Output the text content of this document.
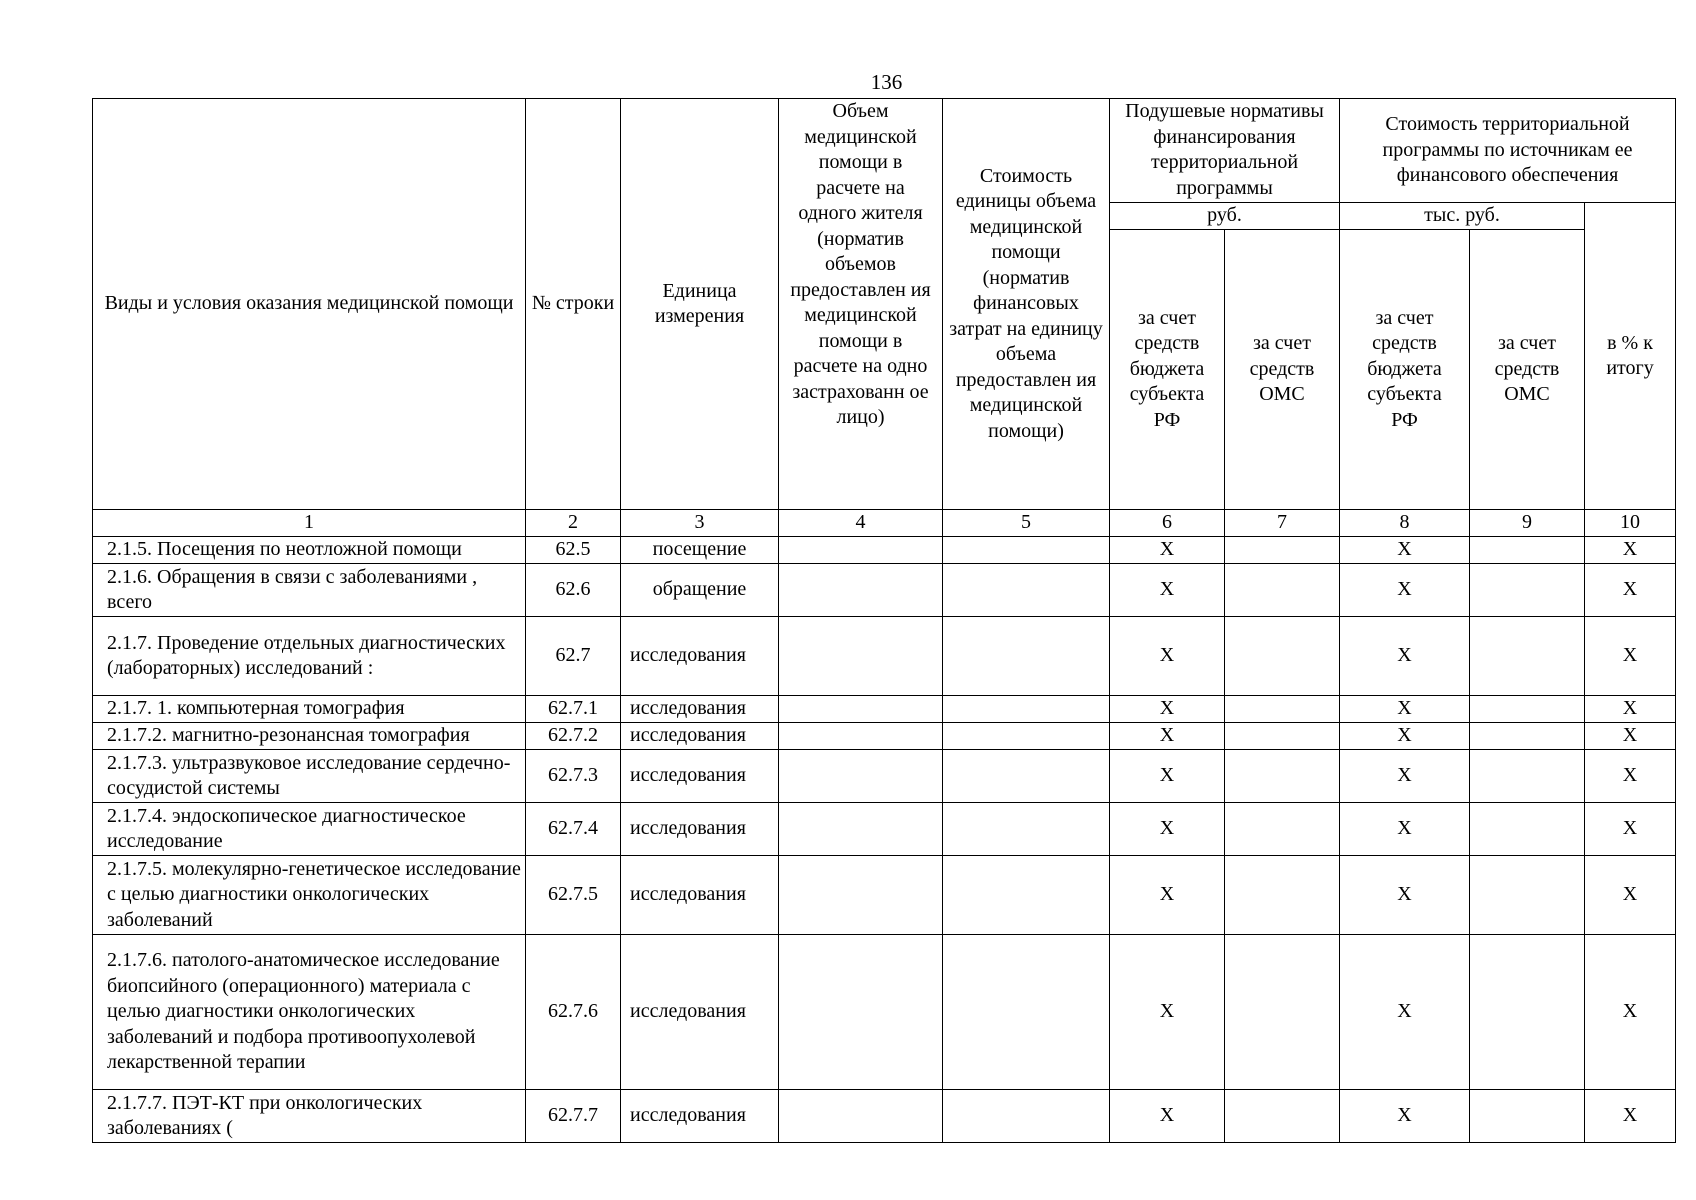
136
Виды и условия оказания медицинской помощи	№ строки	Единица измерения	Объем медицинской помощи в расчете на одного жителя (норматив объемов предоставлен ия медицинской помощи в расчете на одно застрахованн ое лицо)	Стоимость единицы объема медицинской помощи (норматив финансовых затрат на единицу объема предоставлен ия медицинской помощи)	Подушевые нормативы финансирования территориальной программы		Стоимость территориальной программы по источникам ее финансового обеспечения		
					руб.		тыс. руб.		в % к итогу
					за счет средств бюджета субъекта РФ	за счет средств ОМС	за счет средств бюджета субъекта РФ	за счет средств ОМС	
1	2	3	4	5	6	7	8	9	10
2.1.5. Посещения по неотложной помощи	62.5	посещение			X		X		X
2.1.6. Обращения в связи с заболеваниями , всего	62.6	обращение			X		X		X
2.1.7. Проведение отдельных диагностических (лабораторных) исследований :	62.7	исследования			X		X		X
2.1.7. 1. компьютерная томография	62.7.1	исследования			X		X		X
2.1.7.2. магнитно-резонансная томография	62.7.2	исследования			X		X		X
2.1.7.3. ультразвуковое исследование сердечно-сосудистой системы	62.7.3	исследования			X		X		X
2.1.7.4. эндоскопическое диагностическое исследование	62.7.4	исследования			X		X		X
2.1.7.5. молекулярно-генетическое исследование с целью диагностики онкологических заболеваний	62.7.5	исследования			X		X		X
2.1.7.6. патолого-анатомическое исследование биопсийного (операционного) материала с целью диагностики онкологических заболеваний и подбора противоопухолевой лекарственной терапии	62.7.6	исследования			X		X		X
2.1.7.7. ПЭТ-КТ при онкологических заболеваниях (	62.7.7	исследования			X		X		X
